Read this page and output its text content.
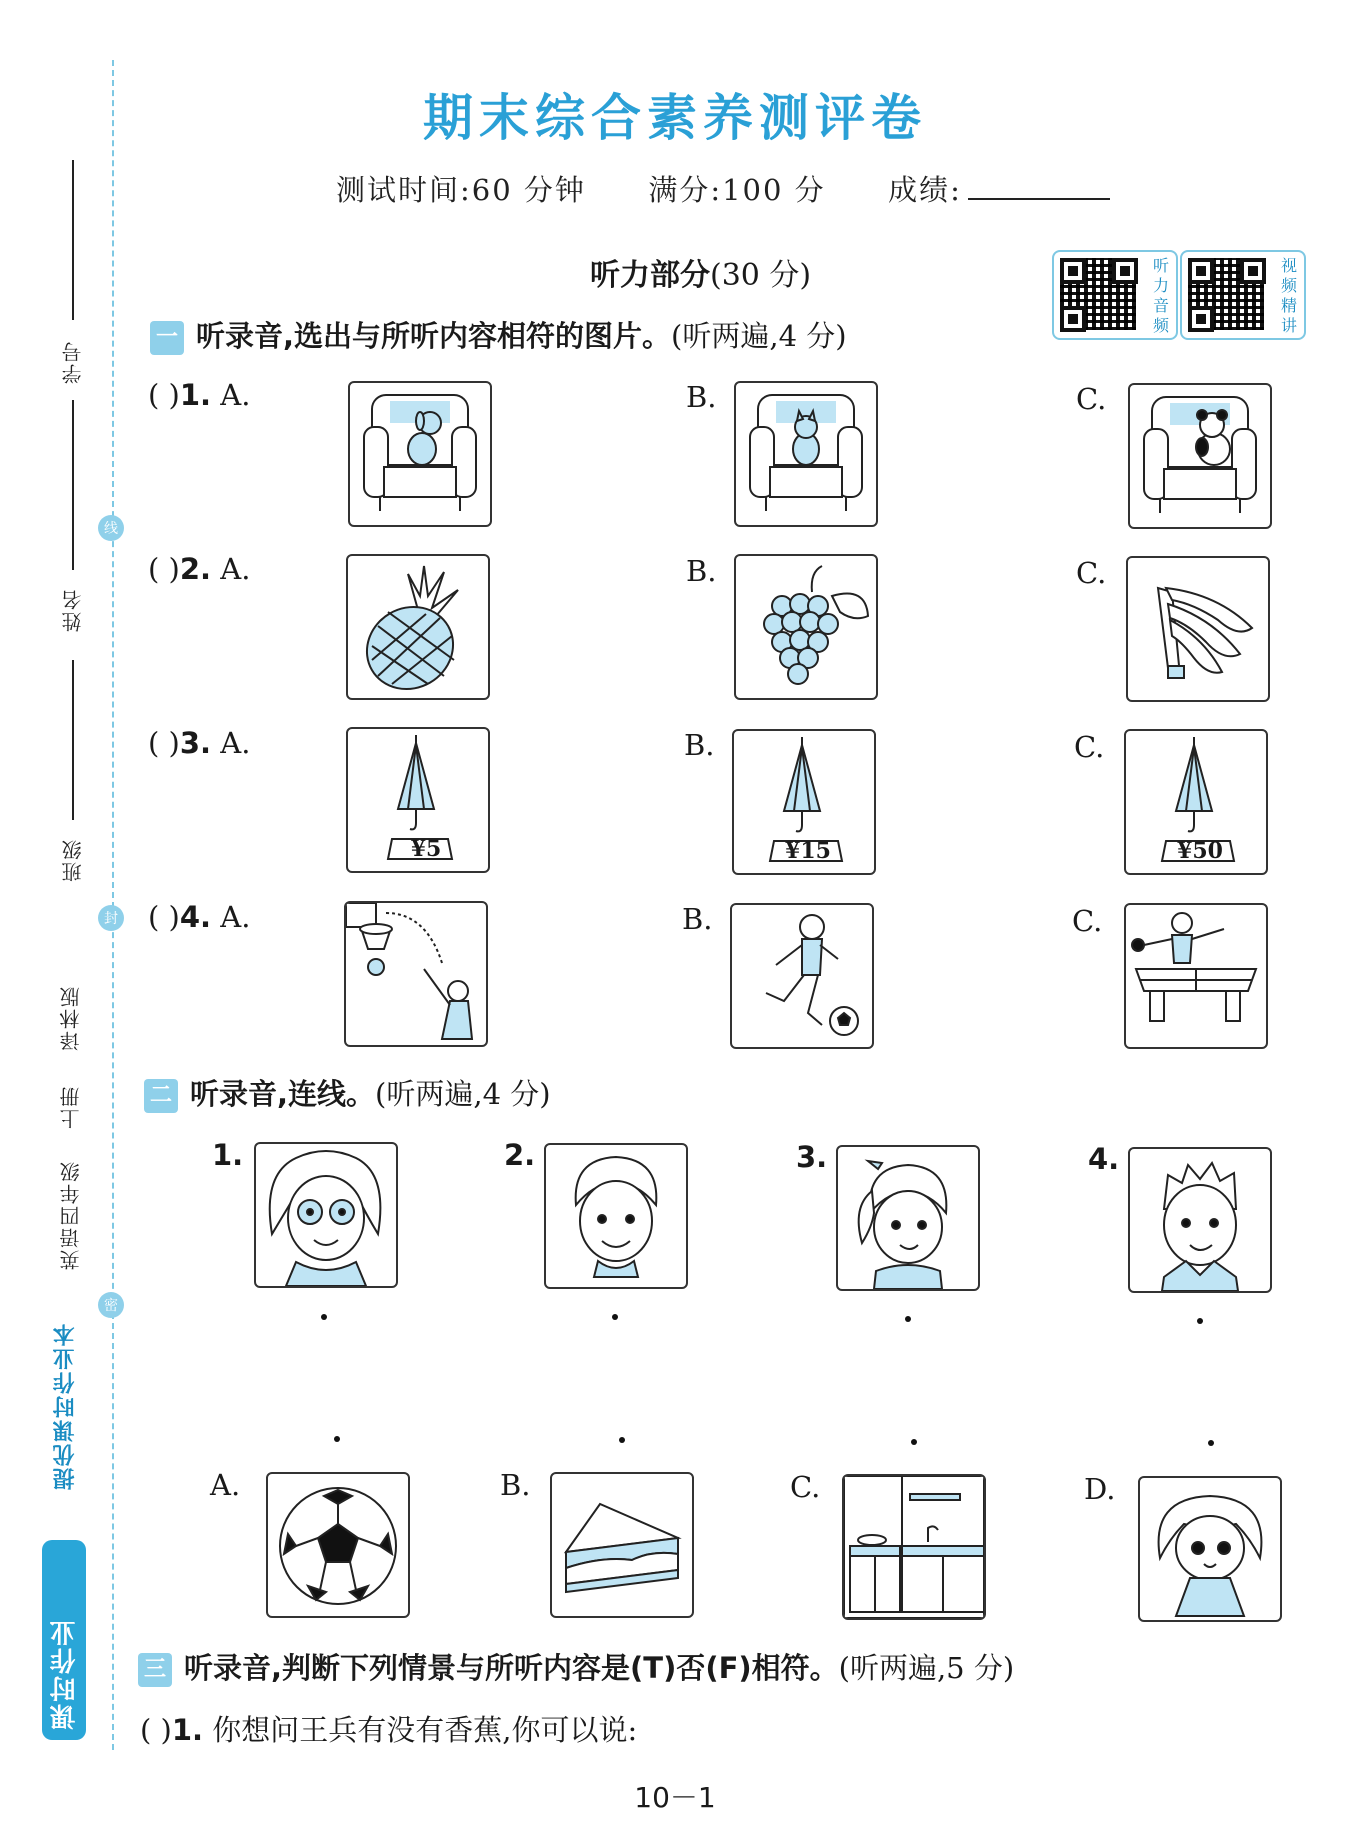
学号
姓名
班级
线
封
密
译林版
上册
英语四年级
课时作业
提优课时作业本
期末综合素养测评卷
测试时间:60 分钟 满分:100 分 成绩:
听力部分(30 分)	听力音频
视频精讲
一 听录音,选出与所听内容相符的图片。(听两遍,4 分)
( )1. A.	B.	C.
( )2. A.	B.	C.
( )3. A.	B.	C.
¥5	¥15	¥50
( )4. A.	B.	C.
二 听录音,连线。(听两遍,4 分)
1.	2.	3.	4.
A.	B.	C.	D.
三 听录音,判断下列情景与所听内容是(T)否(F)相符。(听两遍,5 分)
( )1. 你想问王兵有没有香蕉,你可以说:
10－1
